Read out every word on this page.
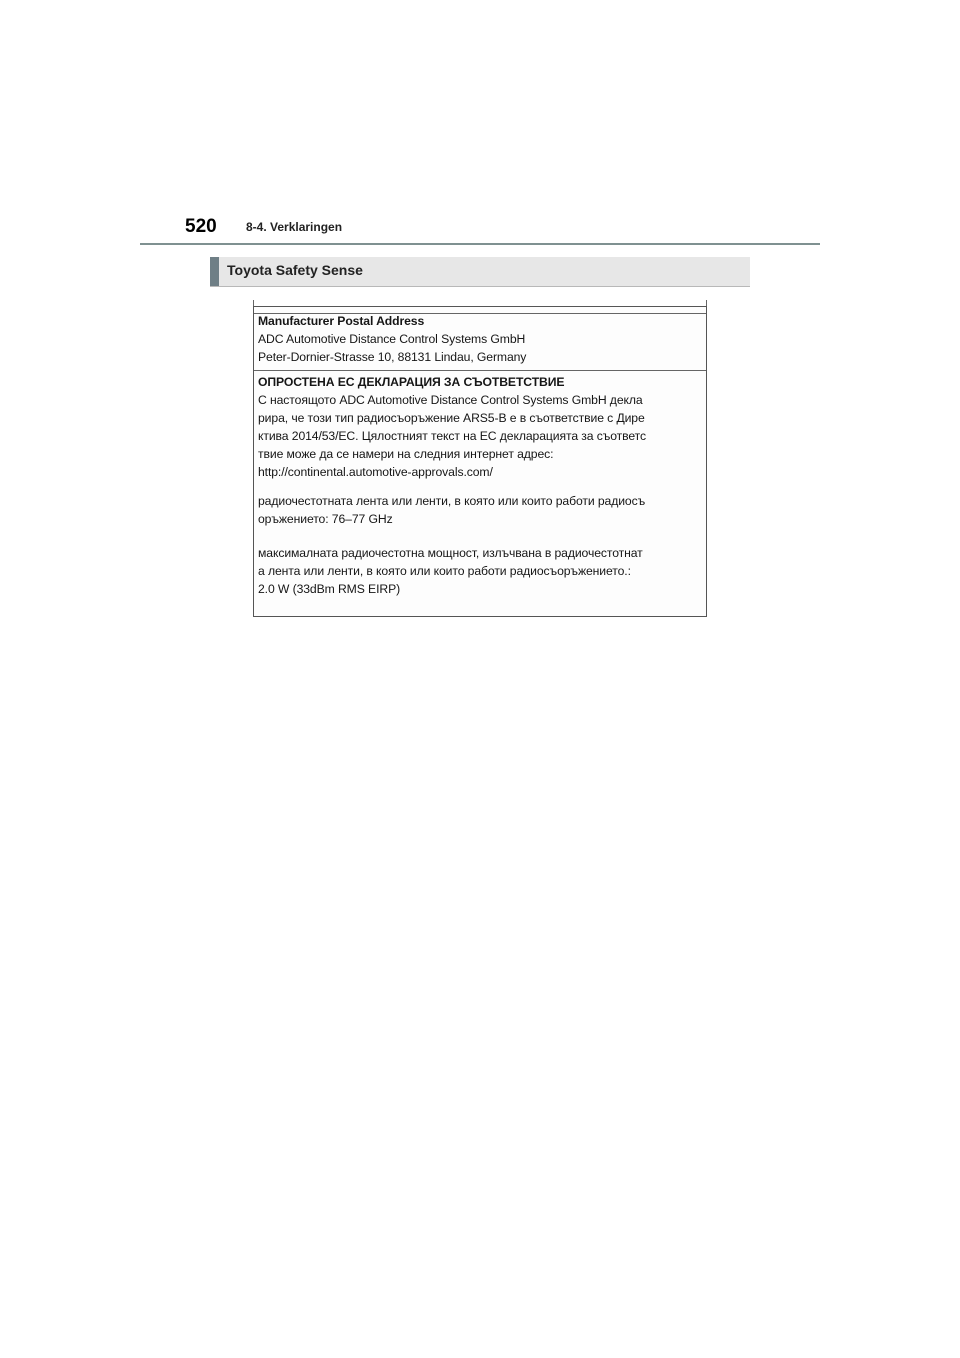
520 8-4. Verklaringen
Toyota Safety Sense
Manufacturer Postal Address
ADC Automotive Distance Control Systems GmbH
Peter-Dornier-Strasse 10, 88131 Lindau, Germany
ОПРОСТЕНА ЕС ДЕКЛАРАЦИЯ ЗА СЪОТВЕТСТВИЕ
С настоящото ADC Automotive Distance Control Systems GmbH декла
рира, че този тип радиосъоръжение ARS5-B е в съответствие с Дире
ктива 2014/53/ЕС. Цялостният текст на ЕС декларацията за съответс
твие може да се намери на следния интернет адрес:
http://continental.automotive-approvals.com/
радиочестотната лента или ленти, в която или които работи радиосъ
оръжението: 76–77 GHz
максималната радиочестотна мощност, излъчвана в радиочестотнат
а лента или ленти, в която или които работи радиосъоръжението.:
2.0 W (33dBm RMS EIRP)
